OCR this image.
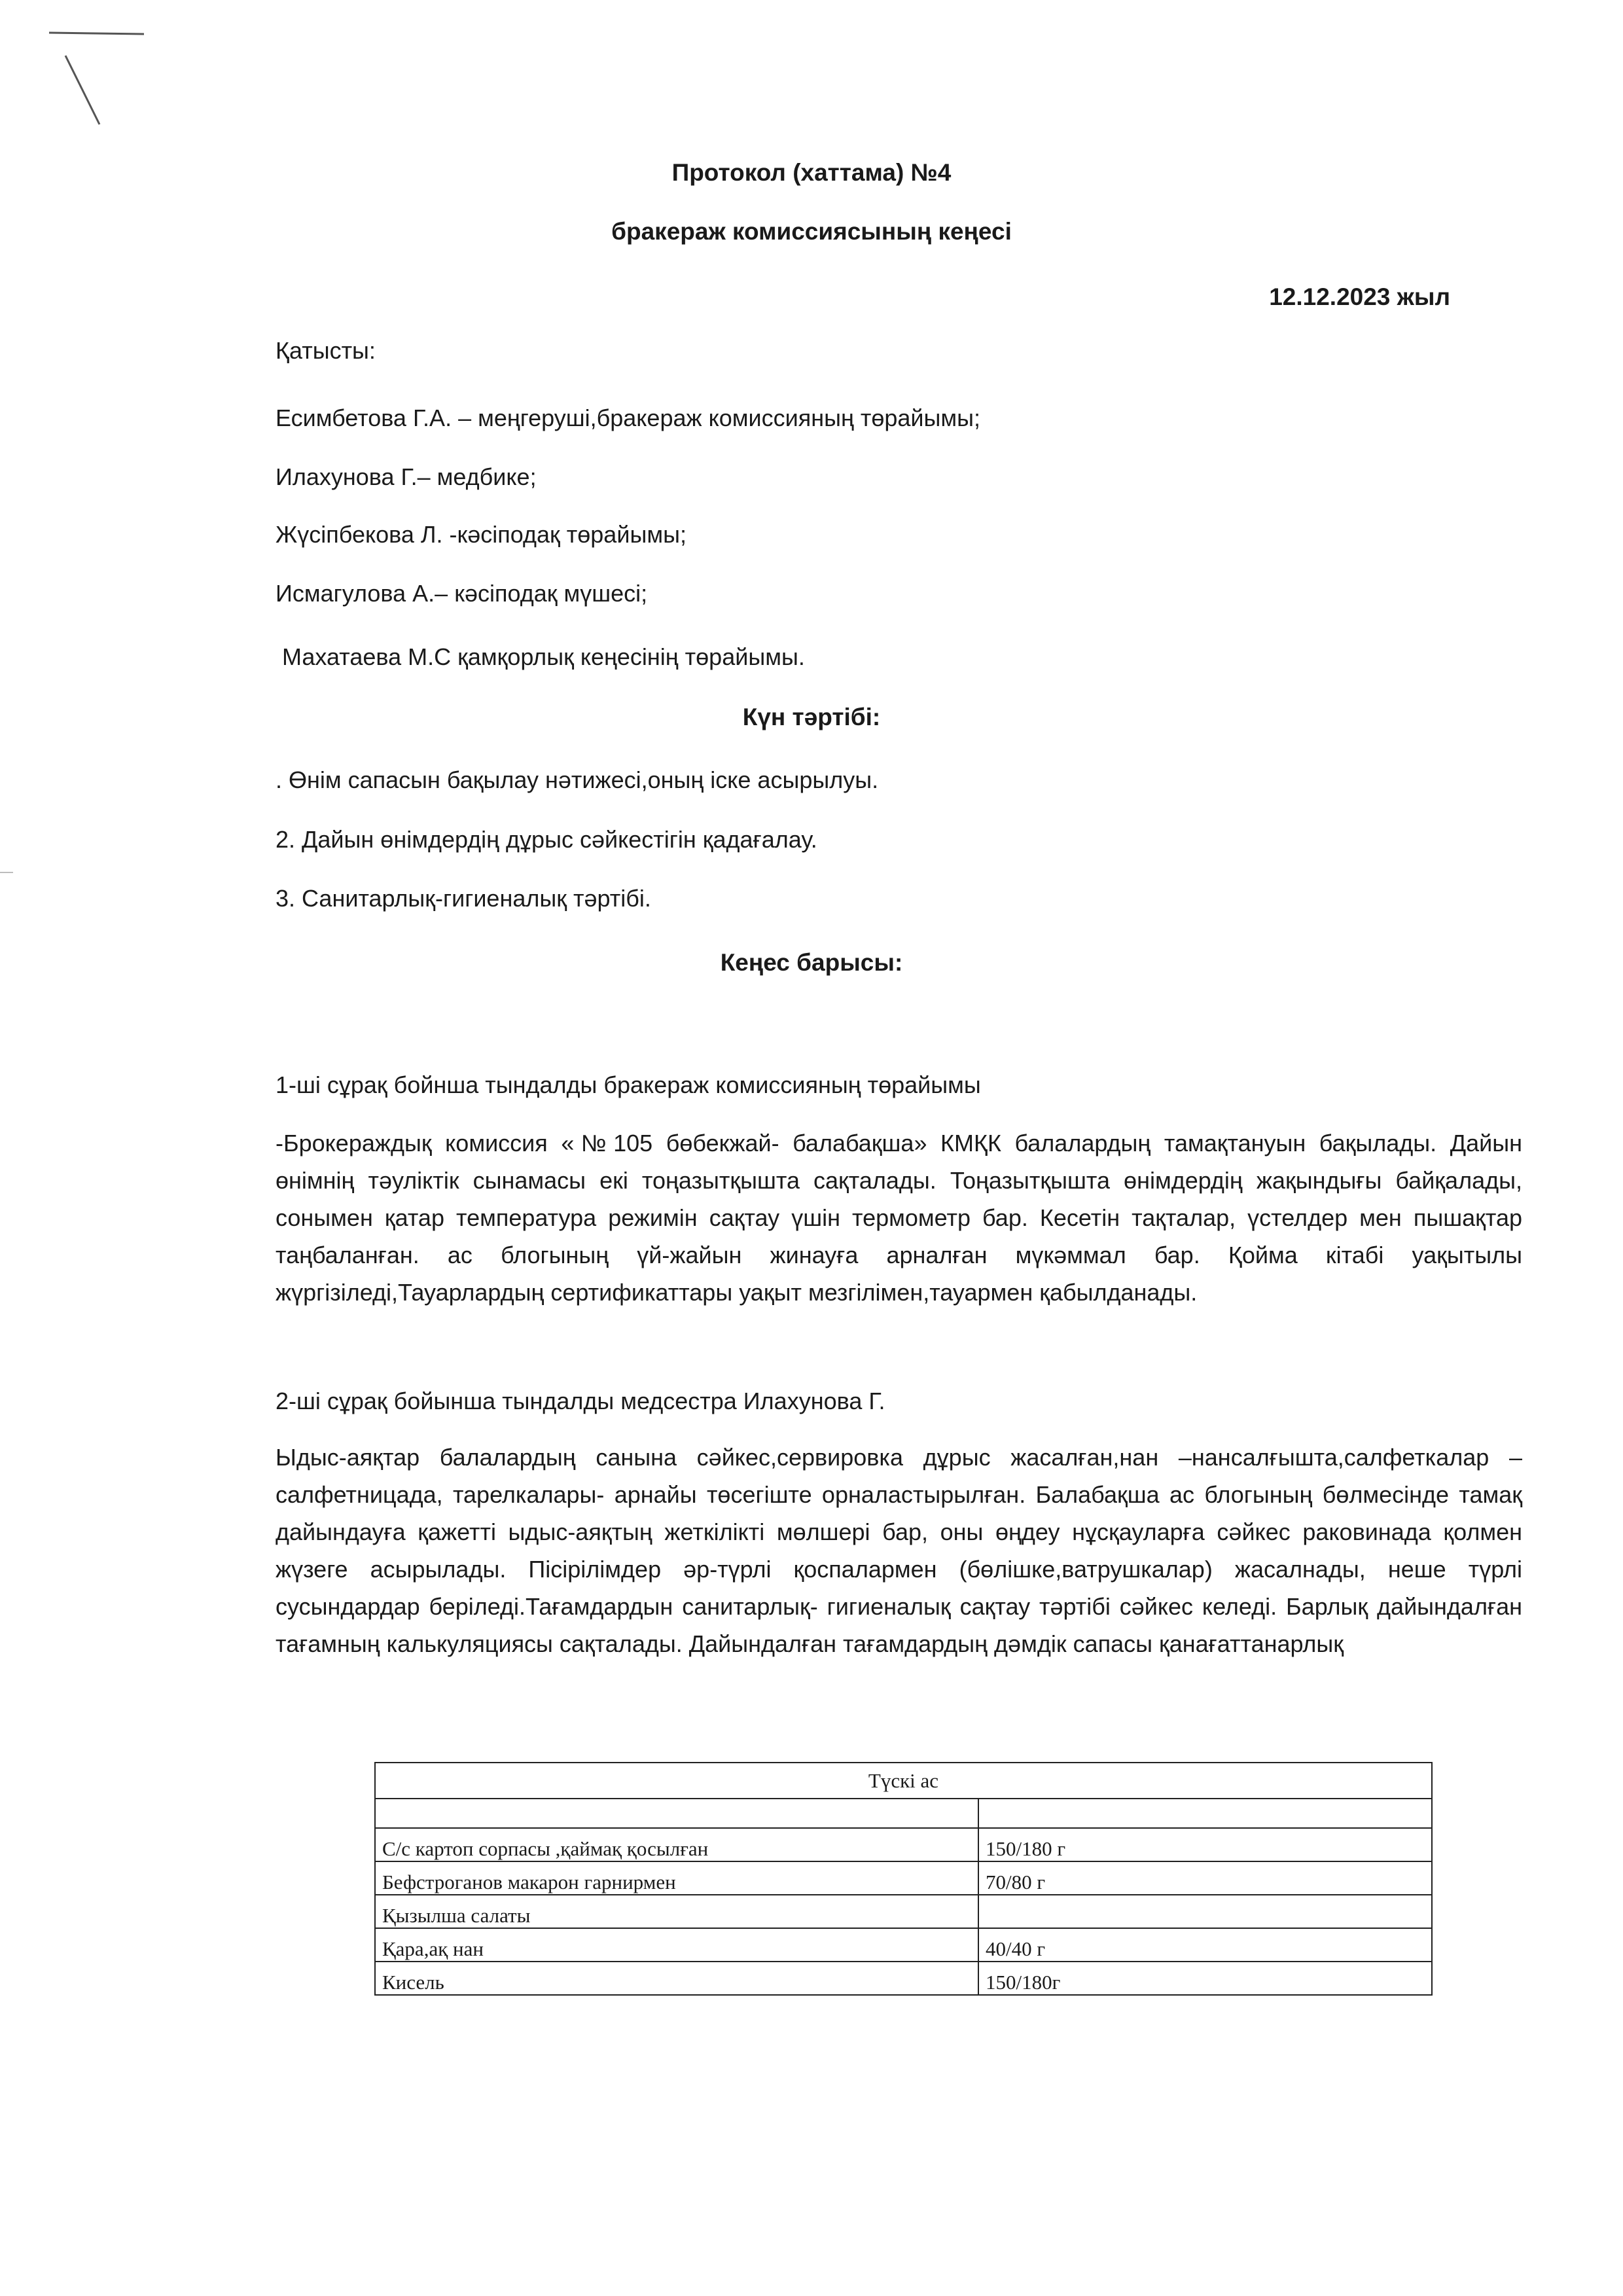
Протокол (хаттама) №4
бракераж комиссиясының кеңесі
12.12.2023 жыл
Қатысты:
Есимбетова Г.А. – меңгеруші,бракераж комиссияның төрайымы;
Илахунова Г.– медбике;
Жүсіпбекова Л. -кәсіподақ төрайымы;
Исмагулова А.– кәсіподақ мүшесі;
Махатаева М.С қамқорлық кеңесінің төрайымы.
Күн тәртібі:
. Өнім сапасын бақылау нәтижесі,оның іске асырылуы.
2. Дайын өнімдердің дұрыс сәйкестігін қадағалау.
3. Санитарлық-гигиеналық тәртібі.
Кеңес барысы:
1-ші сұрақ бойнша тындалды бракераж комиссияның төрайымы
-Брокераждық комиссия «№105 бөбекжай- балабақша» КМҚК балалардың тамақтануын бақылады. Дайын өнімнің тәуліктік сынамасы екі тоңазытқышта сақталады. Тоңазытқышта өнімдердің жақындығы байқалады, сонымен қатар температура режимін сақтау үшін термометр бар. Кесетін тақталар, үстелдер мен пышақтар таңбаланған. ас блогының үй-жайын жинауға арналған мүкәммал бар. Қойма кітабі уақытылы жүргізіледі,Тауарлардың сертификаттары уақыт мезгілімен,тауармен қабылданады.
2-ші сұрақ бойынша тындалды медсестра Илахунова Г.
Ыдыс-аяқтар балалардың санына сәйкес,сервировка дұрыс жасалған,нан –нансалғышта,салфеткалар –салфетницада, тарелкалары- арнайы төсегіште орналастырылған. Балабақша ас блогының бөлмесінде тамақ дайындауға қажетті ыдыс-аяқтың жеткілікті мөлшері бар, оны өңдеу нұсқауларға сәйкес раковинада қолмен жүзеге асырылады. Пісірілімдер әр-түрлі қоспалармен (бөлішке,ватрушкалар) жасалнады, неше түрлі сусындардар беріледі.Тағамдардын санитарлық- гигиеналық сақтау тәртібі сәйкес келеді. Барлық дайындалған тағамның калькуляциясы сақталады. Дайындалған тағамдардың дәмдік сапасы қанағаттанарлық
Түскі ас	

С/с картоп сорпасы ,қаймақ қосылған	150/180 г
Бефстроганов макарон гарнирмен	70/80 г
Қызылша салаты	
Қара,ақ нан	40/40 г
Кисель	150/180г
